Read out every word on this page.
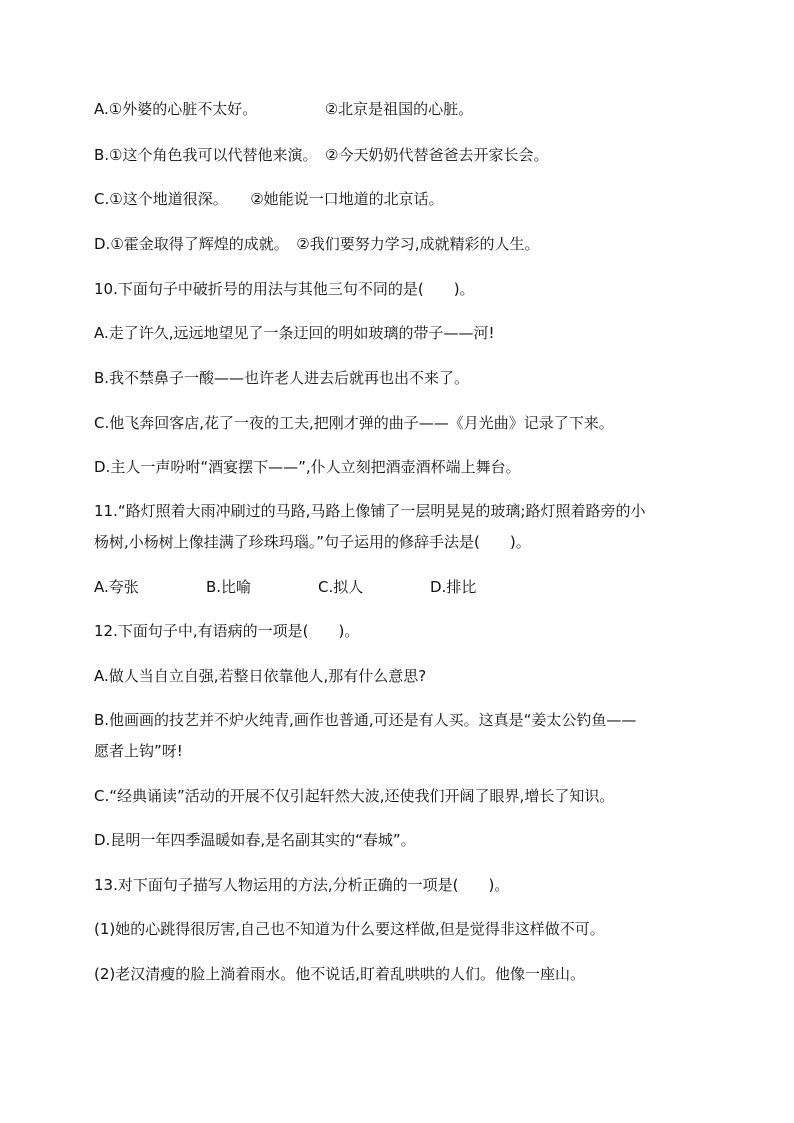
A.①外婆的心脏不太好。　　　　　②北京是祖国的心脏。
B.①这个角色我可以代替他来演。　②今天奶奶代替爸爸去开家长会。
C.①这个地道很深。　　②她能说一口地道的北京话。
D.①霍金取得了辉煌的成就。　②我们要努力学习,成就精彩的人生。
10.下面句子中破折号的用法与其他三句不同的是(　　)。
A.走了许久,远远地望见了一条迂回的明如玻璃的带子——河!
B.我不禁鼻子一酸——也许老人进去后就再也出不来了。
C.他飞奔回客店,花了一夜的工夫,把刚才弹的曲子——《月光曲》记录了下来。
D.主人一声吩咐“酒宴摆下——”,仆人立刻把酒壶酒杯端上舞台。
11.“路灯照着大雨冲刷过的马路,马路上像铺了一层明晃晃的玻璃;路灯照着路旁的小
杨树,小杨树上像挂满了珍珠玛瑙。”句子运用的修辞手法是(　　)。
A.夸张	B.比喻	C.拟人	D.排比
12.下面句子中,有语病的一项是(　　)。
A.做人当自立自强,若整日依靠他人,那有什么意思?
B.他画画的技艺并不炉火纯青,画作也普通,可还是有人买。这真是“姜太公钓鱼——
愿者上钩”呀!
C.“经典诵读”活动的开展不仅引起轩然大波,还使我们开阔了眼界,增长了知识。
D.昆明一年四季温暖如春,是名副其实的“春城”。
13.对下面句子描写人物运用的方法,分析正确的一项是(　　)。
(1)她的心跳得很厉害,自己也不知道为什么要这样做,但是觉得非这样做不可。
(2)老汉清瘦的脸上淌着雨水。他不说话,盯着乱哄哄的人们。他像一座山。
